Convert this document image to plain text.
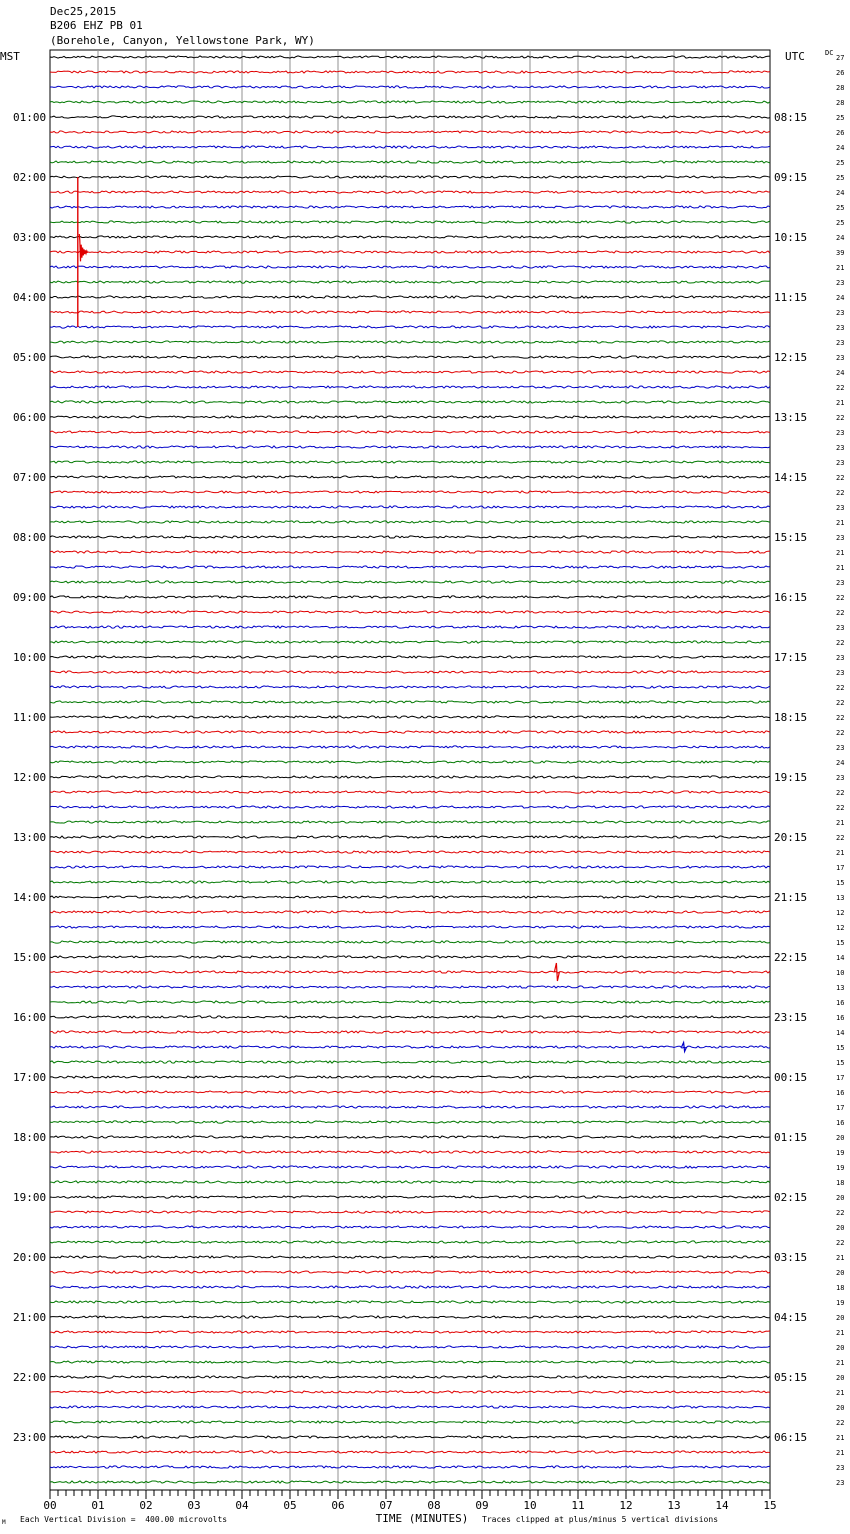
Dec25,2015
B206 EHZ PB 01
(Borehole, Canyon, Yellowstone Park, WY)
MST	UTC	DC
01:00
02:00
03:00
04:00
05:00
06:00
07:00
08:00
09:00
10:00
11:00
12:00
13:00
14:00
15:00
16:00
17:00
18:00
19:00
20:00
21:00
22:00
23:00
08:15
09:15
10:15
11:15
12:15
13:15
14:15
15:15
16:15
17:15
18:15
19:15
20:15
21:15
22:15
23:15
00:15
01:15
02:15
03:15
04:15
05:15
06:15
27
26
28
28
25
26
24
25
25
24
25
25
24
39
21
23
24
23
23
23
23
24
22
21
22
23
23
23
22
22
23
21
23
21
21
23
22
22
23
22
23
23
22
22
22
22
23
24
23
22
22
21
22
21
17
15
13
12
12
15
14
10
13
16
16
14
15
15
17
16
17
16
20
19
19
18
20
22
20
22
21
20
18
19
20
21
20
21
20
21
20
22
21
21
23
23
00	01	02	03	04	05	06	07	08	09	10	11	12	13	14	15
TIME (MINUTES)
Each Vertical Division =  400.00 microvolts	Traces clipped at plus/minus 5 vertical divisions
M
